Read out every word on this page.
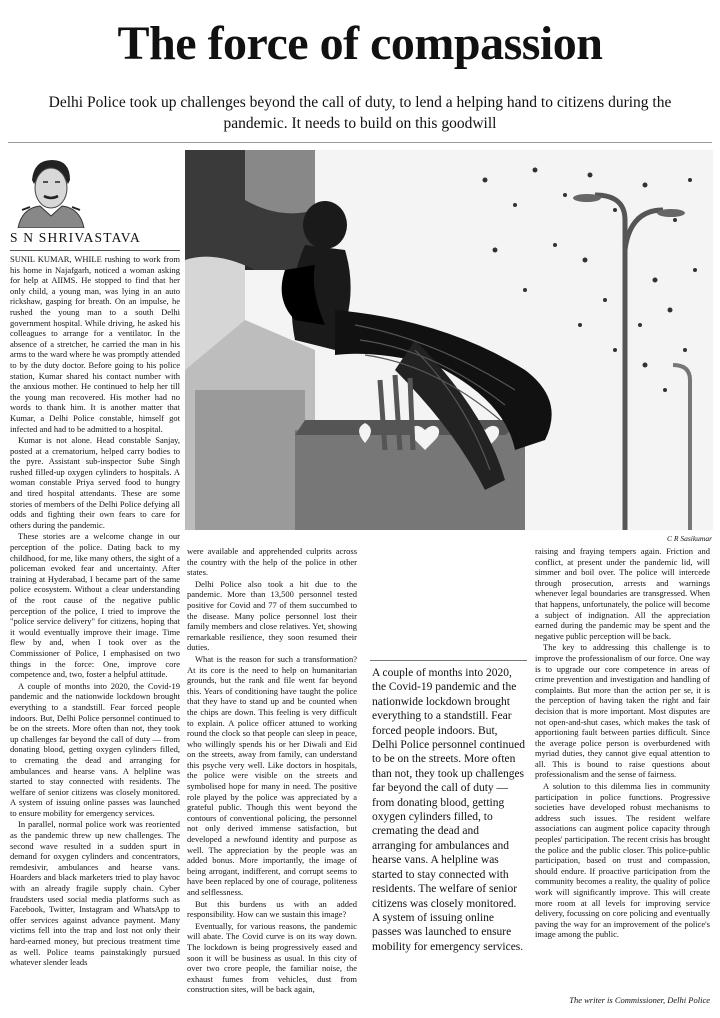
The force of compassion
Delhi Police took up challenges beyond the call of duty, to lend a helping hand to citizens during the pandemic. It needs to build on this goodwill
S N SHRIVASTAVA
C R Sasikumar

SUNIL KUMAR, WHILE rushing to work from his home in Najafgarh, noticed a woman asking for help at AIIMS. He stopped to find that her only child, a young man, was lying in an auto rickshaw, gasping for breath. On an impulse, he rushed the young man to a south Delhi government hospital. While driving, he asked his colleagues to arrange for a ventilator. In the absence of a stretcher, he carried the man in his arms to the ward where he was promptly attended to by the duty doctor. Before going to his police station, Kumar shared his contact number with the anxious mother. He continued to help her till the young man recovered. His mother had no words to thank him. It is another matter that Kumar, a Delhi Police constable, himself got infected and had to be admitted to a hospital.

Kumar is not alone. Head constable Sanjay, posted at a crematorium, helped carry bodies to the pyre. Assistant sub-inspector Sube Singh rushed filled-up oxygen cylinders to hospitals. A woman constable Priya served food to hungry and tired hospital attendants. These are some stories of members of the Delhi Police defying all odds and fighting their own fears to care for others during the pandemic.

These stories are a welcome change in our perception of the police. Dating back to my childhood, for me, like many others, the sight of a policeman evoked fear and uncertainty. After training at Hyderabad, I became part of the same police ecosystem. Without a clear understanding of the root cause of the negative public perception of the police, I tried to improve the "police service delivery" for citizens, hoping that it would eventually improve their image. Time flew by and, when I took over as the Commissioner of Police, I emphasised on two things in the force: One, improve core competence and, two, foster a helpful attitude.

A couple of months into 2020, the Covid-19 pandemic and the nationwide lockdown brought everything to a standstill. Fear forced people indoors. But, Delhi Police personnel continued to be on the streets. More often than not, they took up challenges far beyond the call of duty — from donating blood, getting oxygen cylinders filled, to cremating the dead and arranging for ambulances and hearse vans. A helpline was started to stay connected with residents. The welfare of senior citizens was closely monitored. A system of issuing online passes was launched to ensure mobility for emergency services.

In parallel, normal police work was reoriented as the pandemic threw up new challenges. The second wave resulted in a sudden spurt in demand for oxygen cylinders and concentrators, remdesivir, ambulances and hearse vans. Hoarders and black marketers tried to play havoc with an already fragile supply chain. Cyber fraudsters used social media platforms such as Facebook, Twitter, Instagram and WhatsApp to offer services against advance payment. Many victims fell into the trap and lost not only their hard-earned money, but precious treatment time as well. Police teams painstakingly pursued whatever slender leads

were available and apprehended culprits across the country with the help of the police in other states.

Delhi Police also took a hit due to the pandemic. More than 13,500 personnel tested positive for Covid and 77 of them succumbed to the disease. Many police personnel lost their family members and close relatives. Yet, showing remarkable resilience, they soon resumed their duties.

What is the reason for such a transformation? At its core is the need to help on humanitarian grounds, but the rank and file went far beyond this. Years of conditioning have taught the police that they have to stand up and be counted when the chips are down. This feeling is very difficult to explain. A police officer attuned to working round the clock so that people can sleep in peace, who willingly spends his or her Diwali and Eid on the streets, away from family, can understand this psyche very well. Like doctors in hospitals, the police were visible on the streets and symbolised hope for many in need. The positive role played by the police was appreciated by a grateful public. Though this went beyond the contours of conventional policing, the personnel not only derived immense satisfaction, but developed a newfound identity and purpose as well. The appreciation by the people was an added bonus. More importantly, the image of being arrogant, indifferent, and corrupt seems to have been replaced by one of courage, politeness and selflessness.

But this burdens us with an added responsibility. How can we sustain this image?

Eventually, for various reasons, the pandemic will abate. The Covid curve is on its way down. The lockdown is being progressively eased and soon it will be business as usual. In this city of over two crore people, the familiar noise, the exhaust fumes from vehicles, dust from construction sites, will be back again,

A couple of months into 2020, the Covid-19 pandemic and the nationwide lockdown brought everything to a standstill. Fear forced people indoors. But, Delhi Police personnel continued to be on the streets. More often than not, they took up challenges far beyond the call of duty — from donating blood, getting oxygen cylinders filled, to cremating the dead and arranging for ambulances and hearse vans. A helpline was started to stay connected with residents. The welfare of senior citizens was closely monitored. A system of issuing online passes was launched to ensure mobility for emergency services.

raising and fraying tempers again. Friction and conflict, at present under the pandemic lid, will simmer and boil over. The police will intercede through prosecution, arrests and warnings whenever legal boundaries are transgressed. When that happens, unfortunately, the police will become a subject of indignation. All the appreciation earned during the pandemic may be spent and the negative public perception will be back.

The key to addressing this challenge is to improve the professionalism of our force. One way is to upgrade our core competence in areas of crime prevention and investigation and handling of complaints. But more than the action per se, it is the perception of having taken the right and fair decision that is more important. Most disputes are not open-and-shut cases, which makes the task of apportioning fault between parties difficult. Since the average police person is overburdened with myriad duties, they cannot give equal attention to all. This is bound to raise questions about professionalism and the sense of fairness.

A solution to this dilemma lies in community participation in police functions. Progressive societies have developed robust mechanisms to address such issues. The resident welfare associations can augment police capacity through peoples' participation. The recent crisis has brought the police and the public closer. This police-public participation, based on trust and compassion, should endure. If proactive participation from the community becomes a reality, the quality of police work will significantly improve. This will create more room at all levels for improving service delivery, focussing on core policing and eventually paving the way for an improvement of the police's image among the public.

The writer is Commissioner, Delhi Police
